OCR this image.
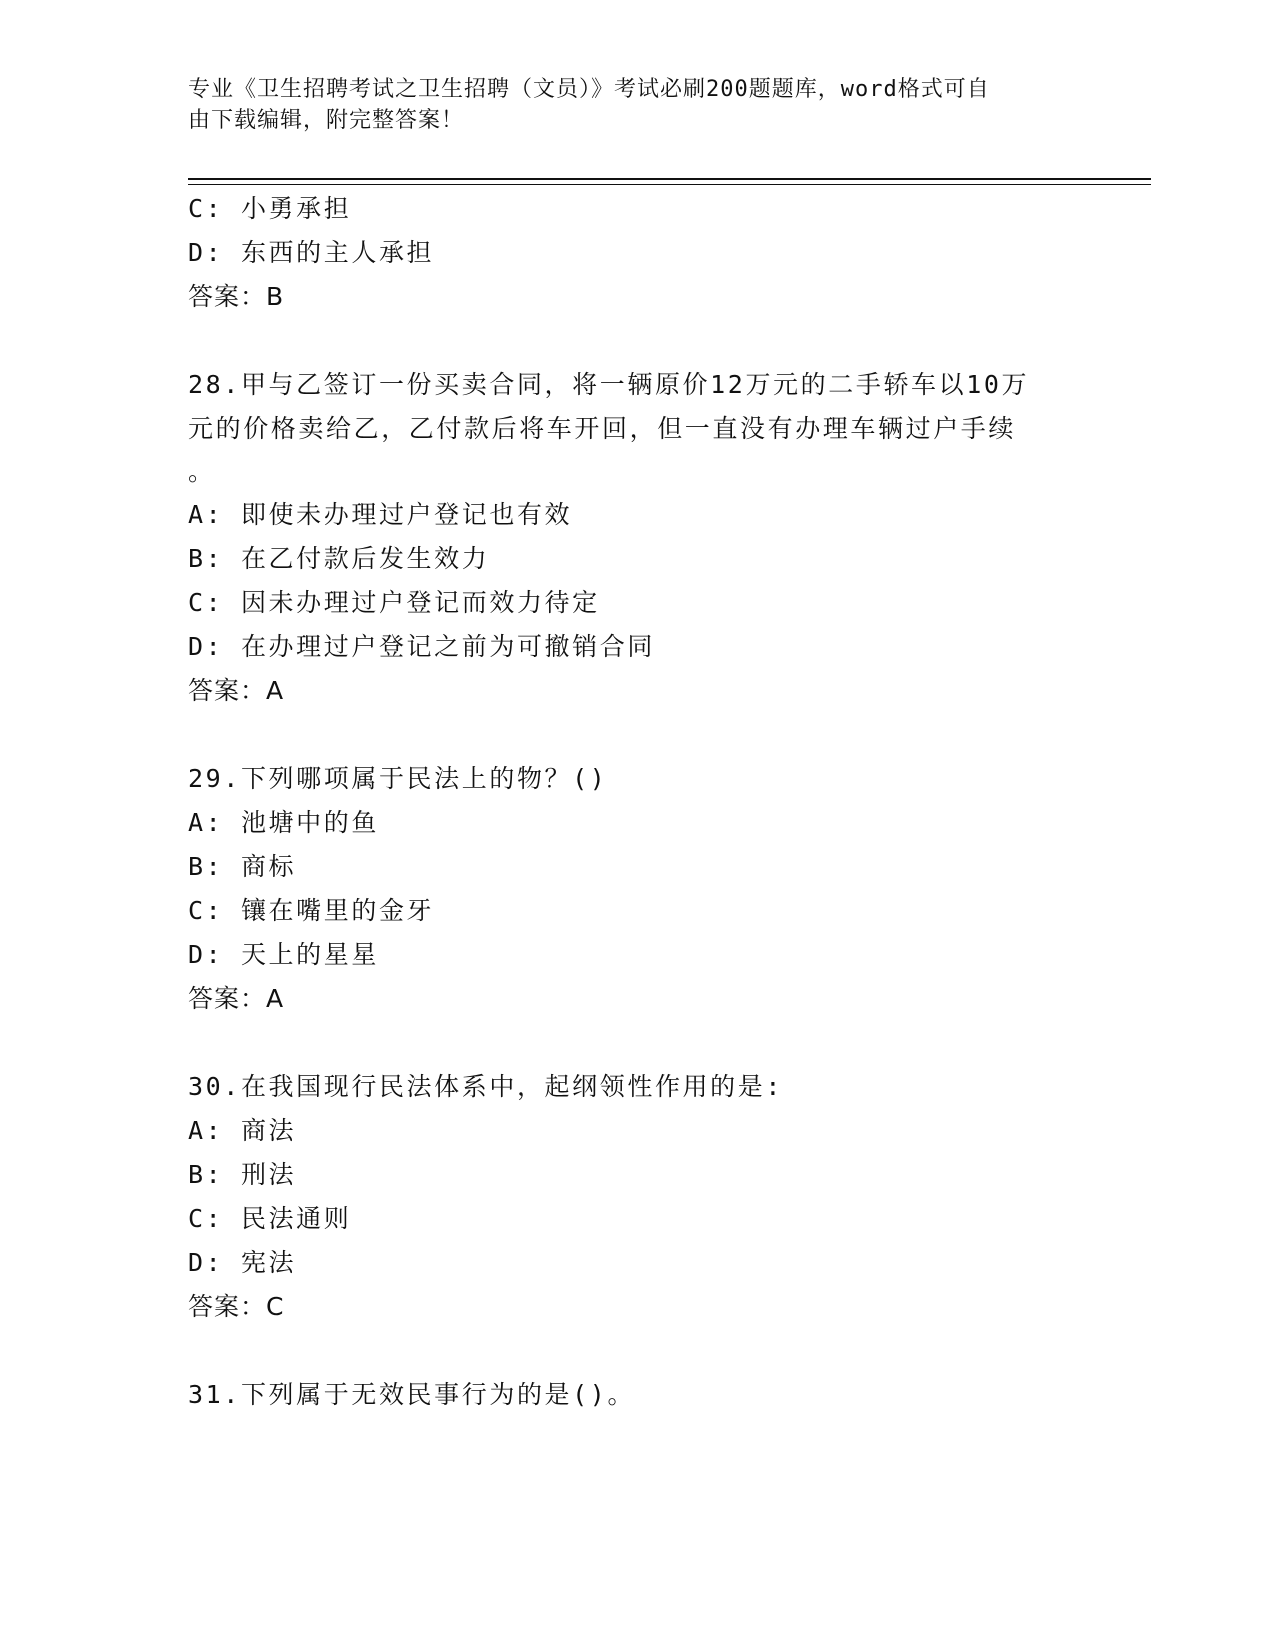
专业《卫生招聘考试之卫生招聘（文员）》考试必刷200题题库，word格式可自
由下载编辑，附完整答案！
C: 小勇承担
D: 东西的主人承担
答案：B
28.甲与乙签订一份买卖合同，将一辆原价12万元的二手轿车以10万
元的价格卖给乙，乙付款后将车开回，但一直没有办理车辆过户手续
。
A: 即使未办理过户登记也有效
B: 在乙付款后发生效力
C: 因未办理过户登记而效力待定
D: 在办理过户登记之前为可撤销合同
答案：A
29.下列哪项属于民法上的物？()
A: 池塘中的鱼
B: 商标
C: 镶在嘴里的金牙
D: 天上的星星
答案：A
30.在我国现行民法体系中，起纲领性作用的是:
A: 商法
B: 刑法
C: 民法通则
D: 宪法
答案：C
31.下列属于无效民事行为的是()。
